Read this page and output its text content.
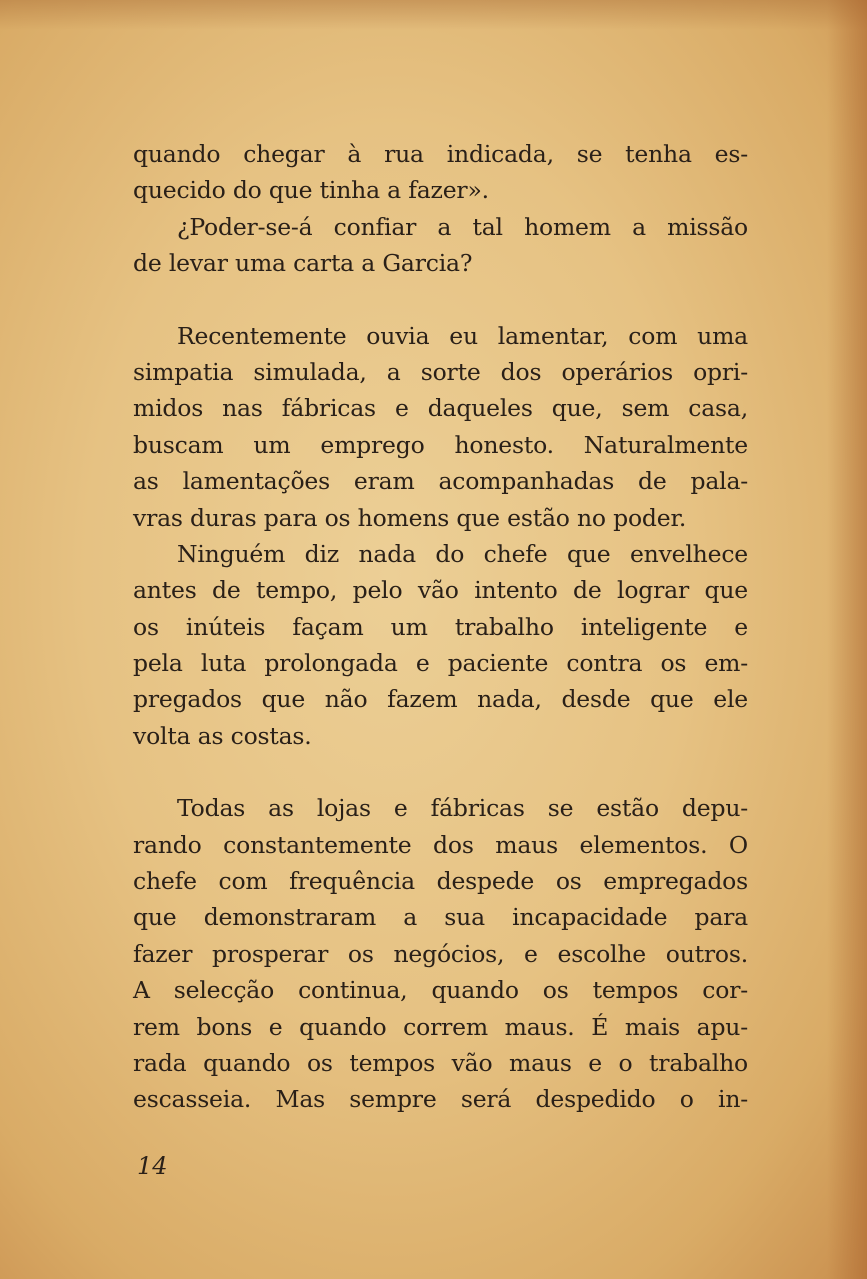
quando chegar à rua indicada, se tenha es-
quecido do que tinha a fazer».
¿Poder-se-á confiar a tal homem a missão
de levar uma carta a Garcia?
Recentemente ouvia eu lamentar, com uma
simpatia simulada, a sorte dos operários opri-
midos nas fábricas e daqueles que, sem casa,
buscam um emprego honesto. Naturalmente
as lamentações eram acompanhadas de pala-
vras duras para os homens que estão no poder.
Ninguém diz nada do chefe que envelhece
antes de tempo, pelo vão intento de lograr que
os inúteis façam um trabalho inteligente e
pela luta prolongada e paciente contra os em-
pregados que não fazem nada, desde que ele
volta as costas.
Todas as lojas e fábricas se estão depu-
rando constantemente dos maus elementos. O
chefe com frequência despede os empregados
que demonstraram a sua incapacidade para
fazer prosperar os negócios, e escolhe outros.
A selecção continua, quando os tempos cor-
rem bons e quando correm maus. É mais apu-
rada quando os tempos vão maus e o trabalho
escasseia. Mas sempre será despedido o in-
14
